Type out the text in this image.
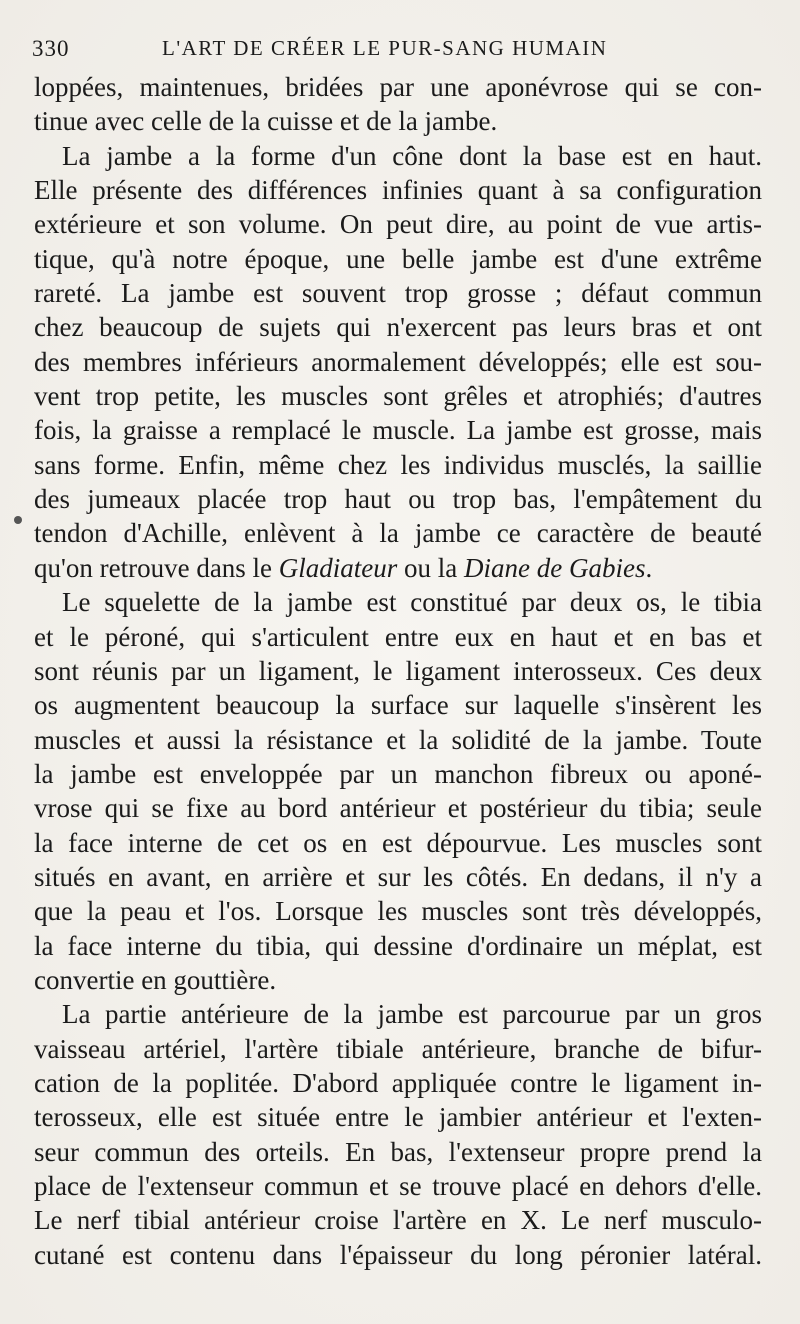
330	L'ART DE CRÉER LE PUR-SANG HUMAIN
loppées, maintenues, bridées par une aponévrose qui se con-
tinue avec celle de la cuisse et de la jambe.
La jambe a la forme d'un cône dont la base est en haut.
Elle présente des différences infinies quant à sa configuration
extérieure et son volume. On peut dire, au point de vue artis-
tique, qu'à notre époque, une belle jambe est d'une extrême
rareté. La jambe est souvent trop grosse ; défaut commun
chez beaucoup de sujets qui n'exercent pas leurs bras et ont
des membres inférieurs anormalement développés; elle est sou-
vent trop petite, les muscles sont grêles et atrophiés; d'autres
fois, la graisse a remplacé le muscle. La jambe est grosse, mais
sans forme. Enfin, même chez les individus musclés, la saillie
des jumeaux placée trop haut ou trop bas, l'empâtement du
tendon d'Achille, enlèvent à la jambe ce caractère de beauté
qu'on retrouve dans le Gladiateur ou la Diane de Gabies.
Le squelette de la jambe est constitué par deux os, le tibia
et le péroné, qui s'articulent entre eux en haut et en bas et
sont réunis par un ligament, le ligament interosseux. Ces deux
os augmentent beaucoup la surface sur laquelle s'insèrent les
muscles et aussi la résistance et la solidité de la jambe. Toute
la jambe est enveloppée par un manchon fibreux ou aponé-
vrose qui se fixe au bord antérieur et postérieur du tibia; seule
la face interne de cet os en est dépourvue. Les muscles sont
situés en avant, en arrière et sur les côtés. En dedans, il n'y a
que la peau et l'os. Lorsque les muscles sont très développés,
la face interne du tibia, qui dessine d'ordinaire un méplat, est
convertie en gouttière.
La partie antérieure de la jambe est parcourue par un gros
vaisseau artériel, l'artère tibiale antérieure, branche de bifur-
cation de la poplitée. D'abord appliquée contre le ligament in-
terosseux, elle est située entre le jambier antérieur et l'exten-
seur commun des orteils. En bas, l'extenseur propre prend la
place de l'extenseur commun et se trouve placé en dehors d'elle.
Le nerf tibial antérieur croise l'artère en X. Le nerf musculo-
cutané est contenu dans l'épaisseur du long péronier latéral.
